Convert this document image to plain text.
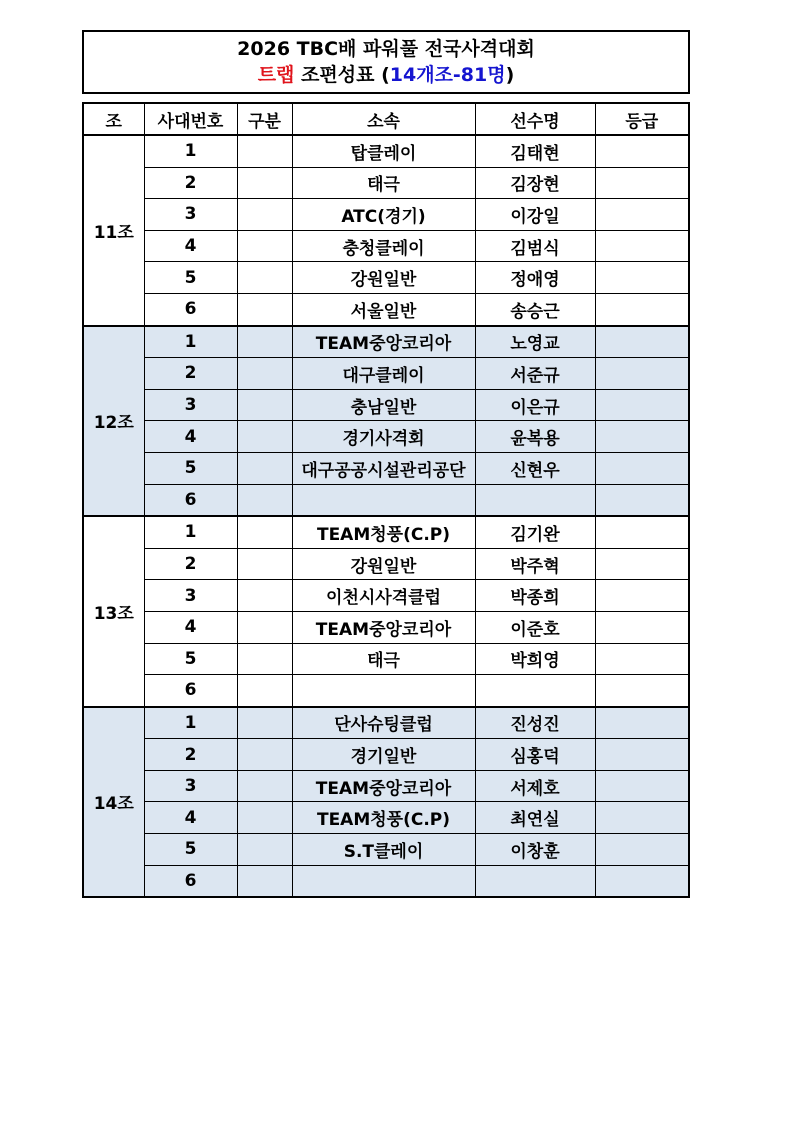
2026 TBC배 파워풀 전국사격대회
트랩 조편성표 (14개조-81명)
조	사대번호	구분	소속	선수명	등급
11조	1		탑클레이	김태현	
	2		태극	김장현	
	3		ATC(경기)	이강일	
	4		충청클레이	김범식	
	5		강원일반	정애영	
	6		서울일반	송승근	
12조	1		TEAM중앙코리아	노영교	
	2		대구클레이	서준규	
	3		충남일반	이은규	
	4		경기사격회	윤복용	
	5		대구공공시설관리공단	신현우	
	6				
13조	1		TEAM청풍(C.P)	김기완	
	2		강원일반	박주혁	
	3		이천시사격클럽	박종희	
	4		TEAM중앙코리아	이준호	
	5		태극	박희영	
	6				
14조	1		단사슈팅클럽	진성진	
	2		경기일반	심홍덕	
	3		TEAM중앙코리아	서제호	
	4		TEAM청풍(C.P)	최연실	
	5		S.T클레이	이창훈	
	6				
